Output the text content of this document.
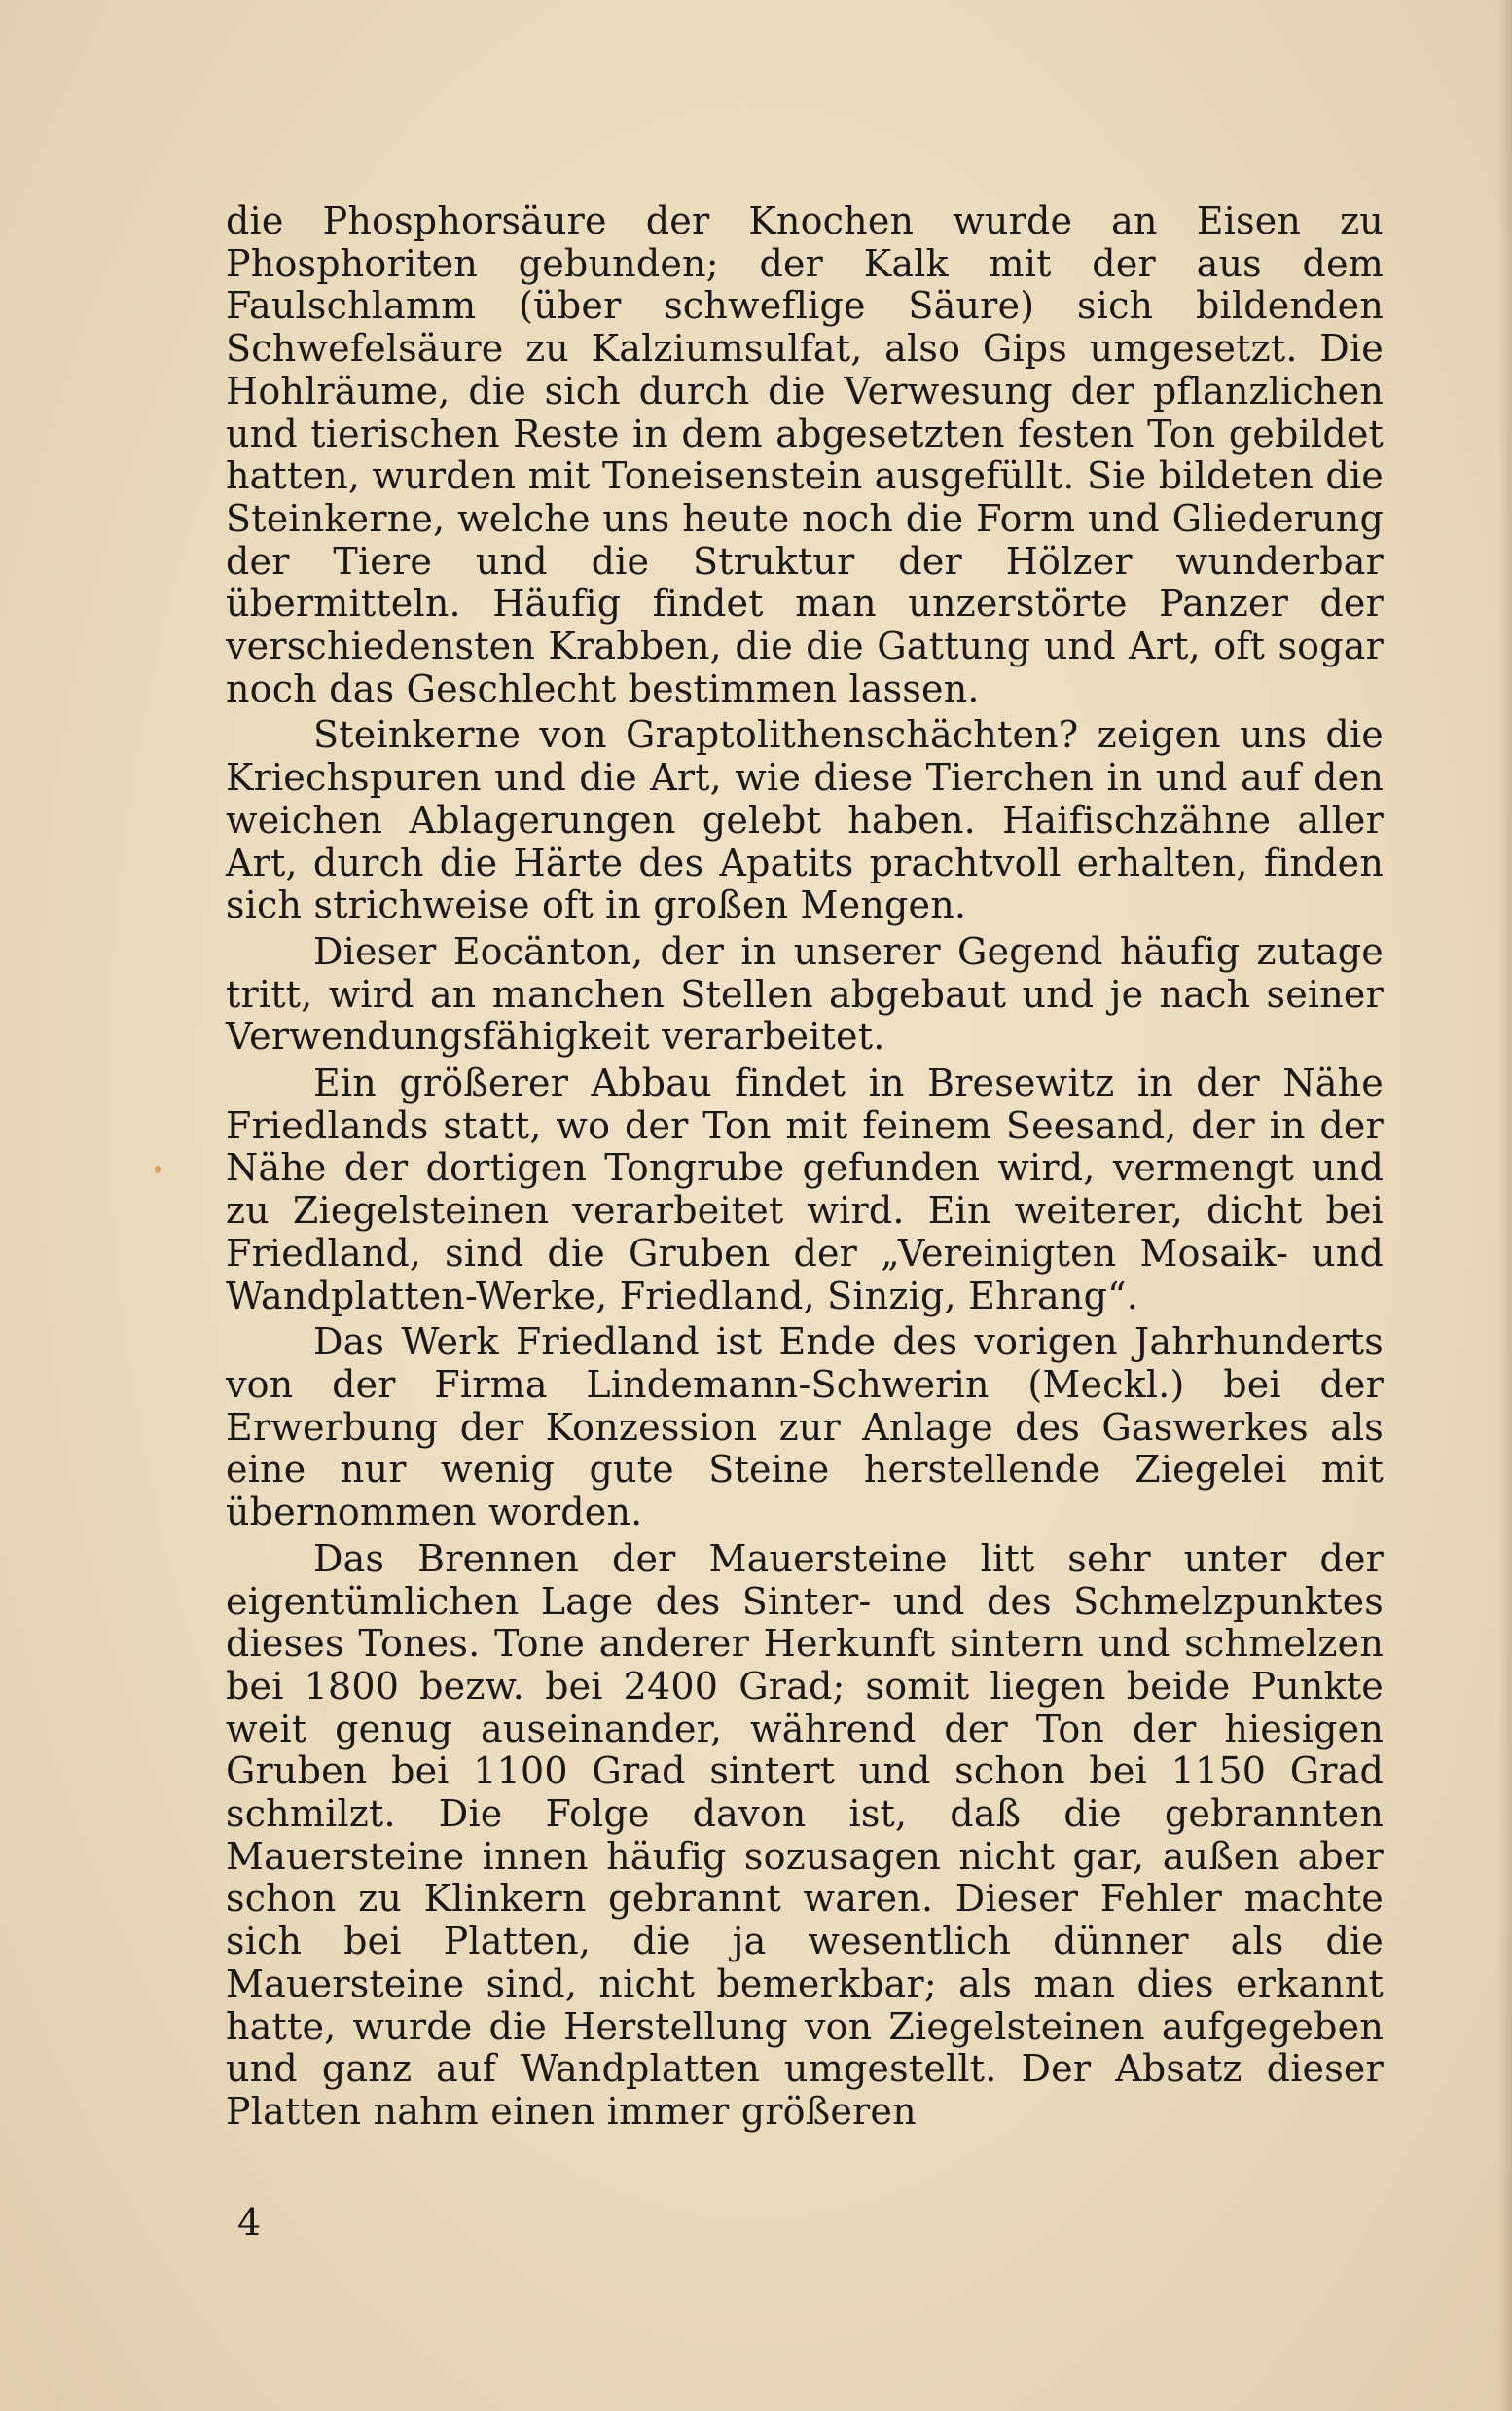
die Phosphorsäure der Knochen wurde an Eisen zu Phosphoriten gebunden; der Kalk mit der aus dem Faulschlamm (über schweflige Säure) sich bildenden Schwefelsäure zu Kalziumsulfat, also Gips umgesetzt. Die Hohlräume, die sich durch die Verwesung der pflanzlichen und tierischen Reste in dem abgesetzten festen Ton gebildet hatten, wurden mit Toneisenstein ausgefüllt. Sie bildeten die Steinkerne, welche uns heute noch die Form und Gliederung der Tiere und die Struktur der Hölzer wunderbar übermitteln. Häufig findet man unzerstörte Panzer der verschiedensten Krabben, die die Gattung und Art, oft sogar noch das Geschlecht bestimmen lassen.

Steinkerne von Graptolithenschächten? zeigen uns die Kriechspuren und die Art, wie diese Tierchen in und auf den weichen Ablagerungen gelebt haben. Haifischzähne aller Art, durch die Härte des Apatits prachtvoll erhalten, finden sich strichweise oft in großen Mengen.

Dieser Eocänton, der in unserer Gegend häufig zutage tritt, wird an manchen Stellen abgebaut und je nach seiner Verwendungsfähigkeit verarbeitet.

Ein größerer Abbau findet in Bresewitz in der Nähe Friedlands statt, wo der Ton mit feinem Seesand, der in der Nähe der dortigen Tongrube gefunden wird, vermengt und zu Ziegelsteinen verarbeitet wird. Ein weiterer, dicht bei Friedland, sind die Gruben der „Vereinigten Mosaik- und Wandplatten-Werke, Friedland, Sinzig, Ehrang“.

Das Werk Friedland ist Ende des vorigen Jahrhunderts von der Firma Lindemann-Schwerin (Meckl.) bei der Erwerbung der Konzession zur Anlage des Gaswerkes als eine nur wenig gute Steine herstellende Ziegelei mit übernommen worden.

Das Brennen der Mauersteine litt sehr unter der eigentümlichen Lage des Sinter- und des Schmelzpunktes dieses Tones. Tone anderer Herkunft sintern und schmelzen bei 1800 bezw. bei 2400 Grad; somit liegen beide Punkte weit genug auseinander, während der Ton der hiesigen Gruben bei 1100 Grad sintert und schon bei 1150 Grad schmilzt. Die Folge davon ist, daß die gebrannten Mauersteine innen häufig sozusagen nicht gar, außen aber schon zu Klinkern gebrannt waren. Dieser Fehler machte sich bei Platten, die ja wesentlich dünner als die Mauersteine sind, nicht bemerkbar; als man dies erkannt hatte, wurde die Herstellung von Ziegelsteinen aufgegeben und ganz auf Wandplatten umgestellt. Der Absatz dieser Platten nahm einen immer größeren

4
